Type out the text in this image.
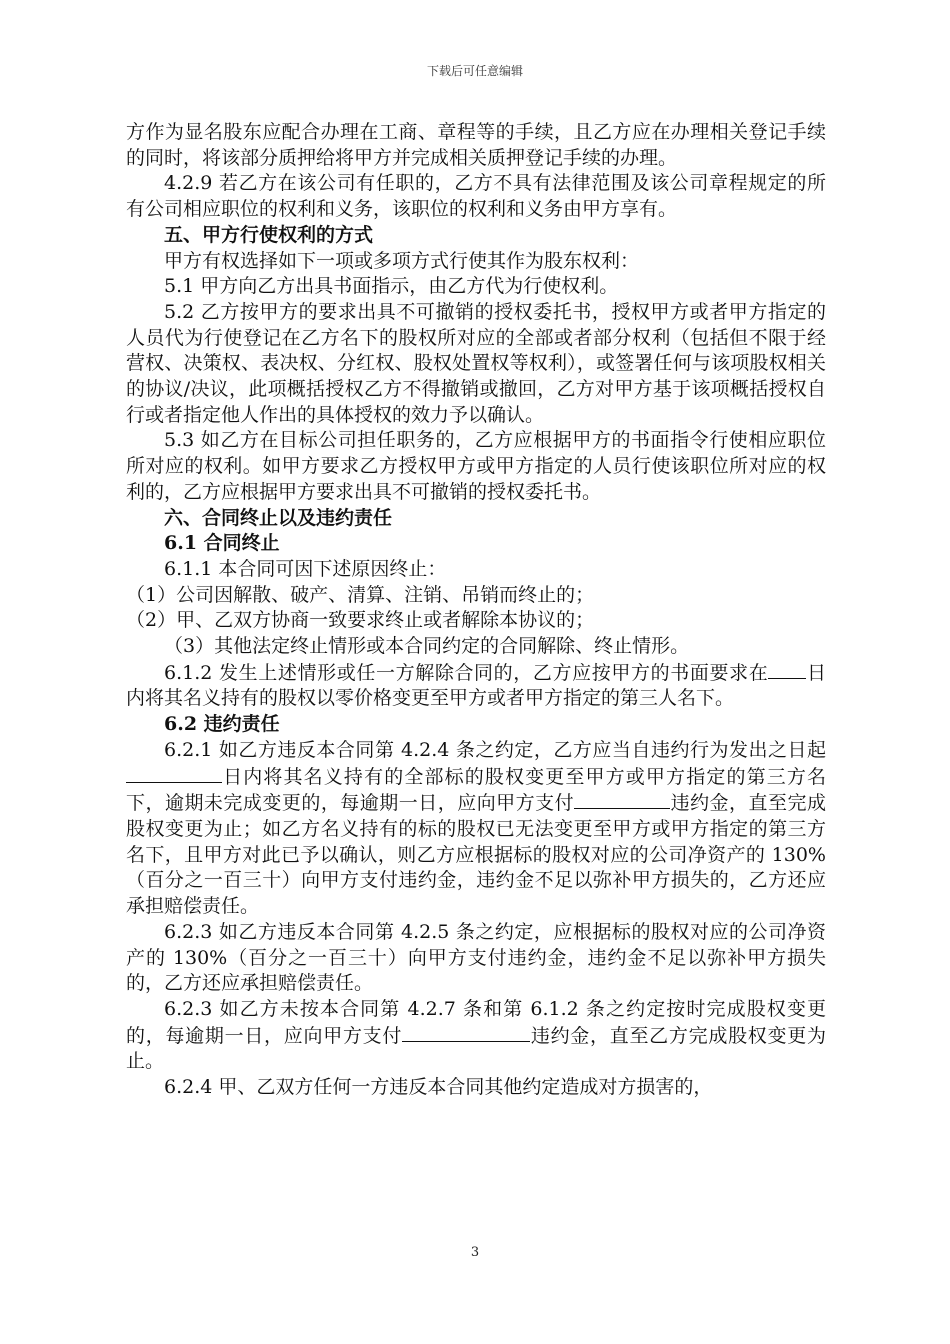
下载后可任意编辑

方作为显名股东应配合办理在工商、章程等的手续，且乙方应在办理相关登记手续的同时，将该部分质押给将甲方并完成相关质押登记手续的办理。

4.2.9 若乙方在该公司有任职的，乙方不具有法律范围及该公司章程规定的所有公司相应职位的权利和义务，该职位的权利和义务由甲方享有。

五、甲方行使权利的方式

甲方有权选择如下一项或多项方式行使其作为股东权利：

5.1 甲方向乙方出具书面指示，由乙方代为行使权利。

5.2 乙方按甲方的要求出具不可撤销的授权委托书，授权甲方或者甲方指定的人员代为行使登记在乙方名下的股权所对应的全部或者部分权利（包括但不限于经营权、决策权、表决权、分红权、股权处置权等权利），或签署任何与该项股权相关的协议/决议，此项概括授权乙方不得撤销或撤回，乙方对甲方基于该项概括授权自行或者指定他人作出的具体授权的效力予以确认。

5.3 如乙方在目标公司担任职务的，乙方应根据甲方的书面指令行使相应职位所对应的权利。如甲方要求乙方授权甲方或甲方指定的人员行使该职位所对应的权利的，乙方应根据甲方要求出具不可撤销的授权委托书。

六、合同终止以及违约责任

6.1 合同终止

6.1.1 本合同可因下述原因终止：

（1）公司因解散、破产、清算、注销、吊销而终止的；

（2）甲、乙双方协商一致要求终止或者解除本协议的；

（3）其他法定终止情形或本合同约定的合同解除、终止情形。

6.1.2 发生上述情形或任一方解除合同的，乙方应按甲方的书面要求在 日内将其名义持有的股权以零价格变更至甲方或者甲方指定的第三人名下。

6.2 违约责任

6.2.1 如乙方违反本合同第 4.2.4 条之约定，乙方应当自违约行为发出之日起日内将其名义持有的全部标的股权变更至甲方或甲方指定的第三方名下，逾期未完成变更的，每逾期一日，应向甲方支付	违约金，直至完成股权变更为止；如乙方名义持有的标的股权已无法变更至甲方或甲方指定的第三方名下，且甲方对此已予以确认，则乙方应根据标的股权对应的公司净资产的 130%（百分之一百三十）向甲方支付违约金，违约金不足以弥补甲方损失的，乙方还应承担赔偿责任。

6.2.3 如乙方违反本合同第 4.2.5 条之约定，应根据标的股权对应的公司净资产的 130%（百分之一百三十）向甲方支付违约金，违约金不足以弥补甲方损失的，乙方还应承担赔偿责任。

6.2.3 如乙方未按本合同第 4.2.7 条和第 6.1.2 条之约定按时完成股权变更的，每逾期一日，应向甲方支付	违约金，直至乙方完成股权变更为止。

6.2.4 甲、乙双方任何一方违反本合同其他约定造成对方损害的，

3
